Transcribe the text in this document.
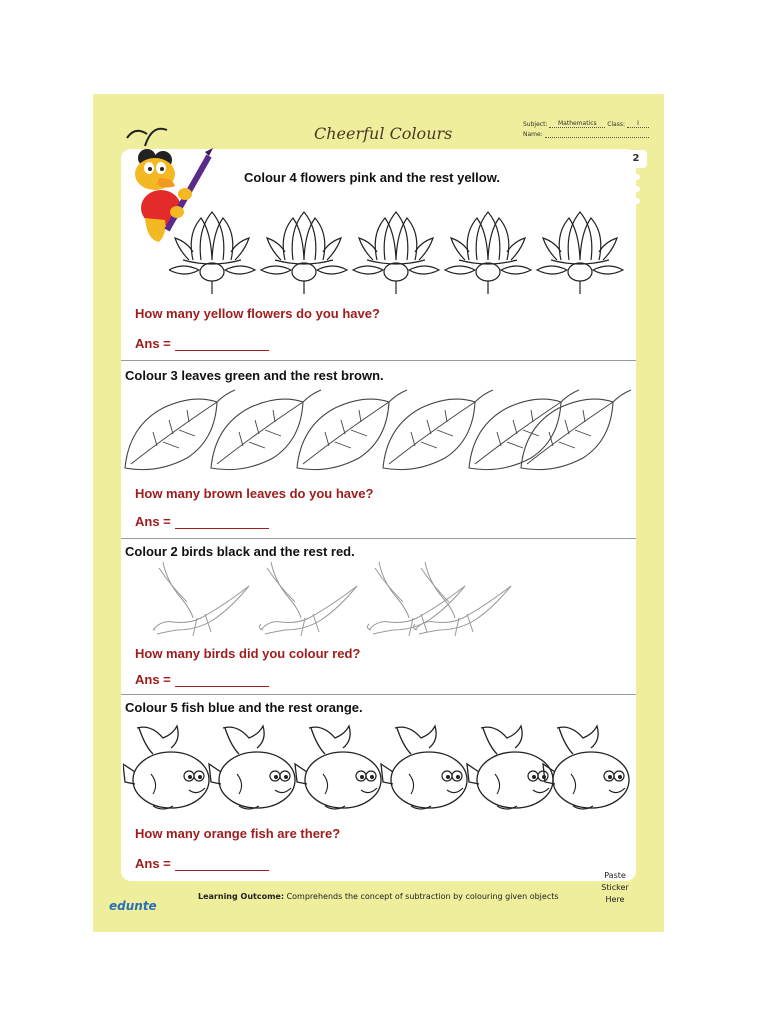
Cheerful Colours	Subject:	Mathematics	Class:	I
Name:
2
Colour 4 flowers pink and the rest yellow.
How many yellow flowers do you have?
Ans =
Colour 3 leaves green and the rest brown.
How many brown leaves do you have?
Ans =
Colour 2 birds black and the rest red.
How many birds did you colour red?
Ans =
Colour 5 fish blue and the rest orange.
How many orange fish are there?
Ans =
Learning Outcome: Comprehends the concept of subtraction by colouring given objects
edunte
Paste
Sticker
Here
